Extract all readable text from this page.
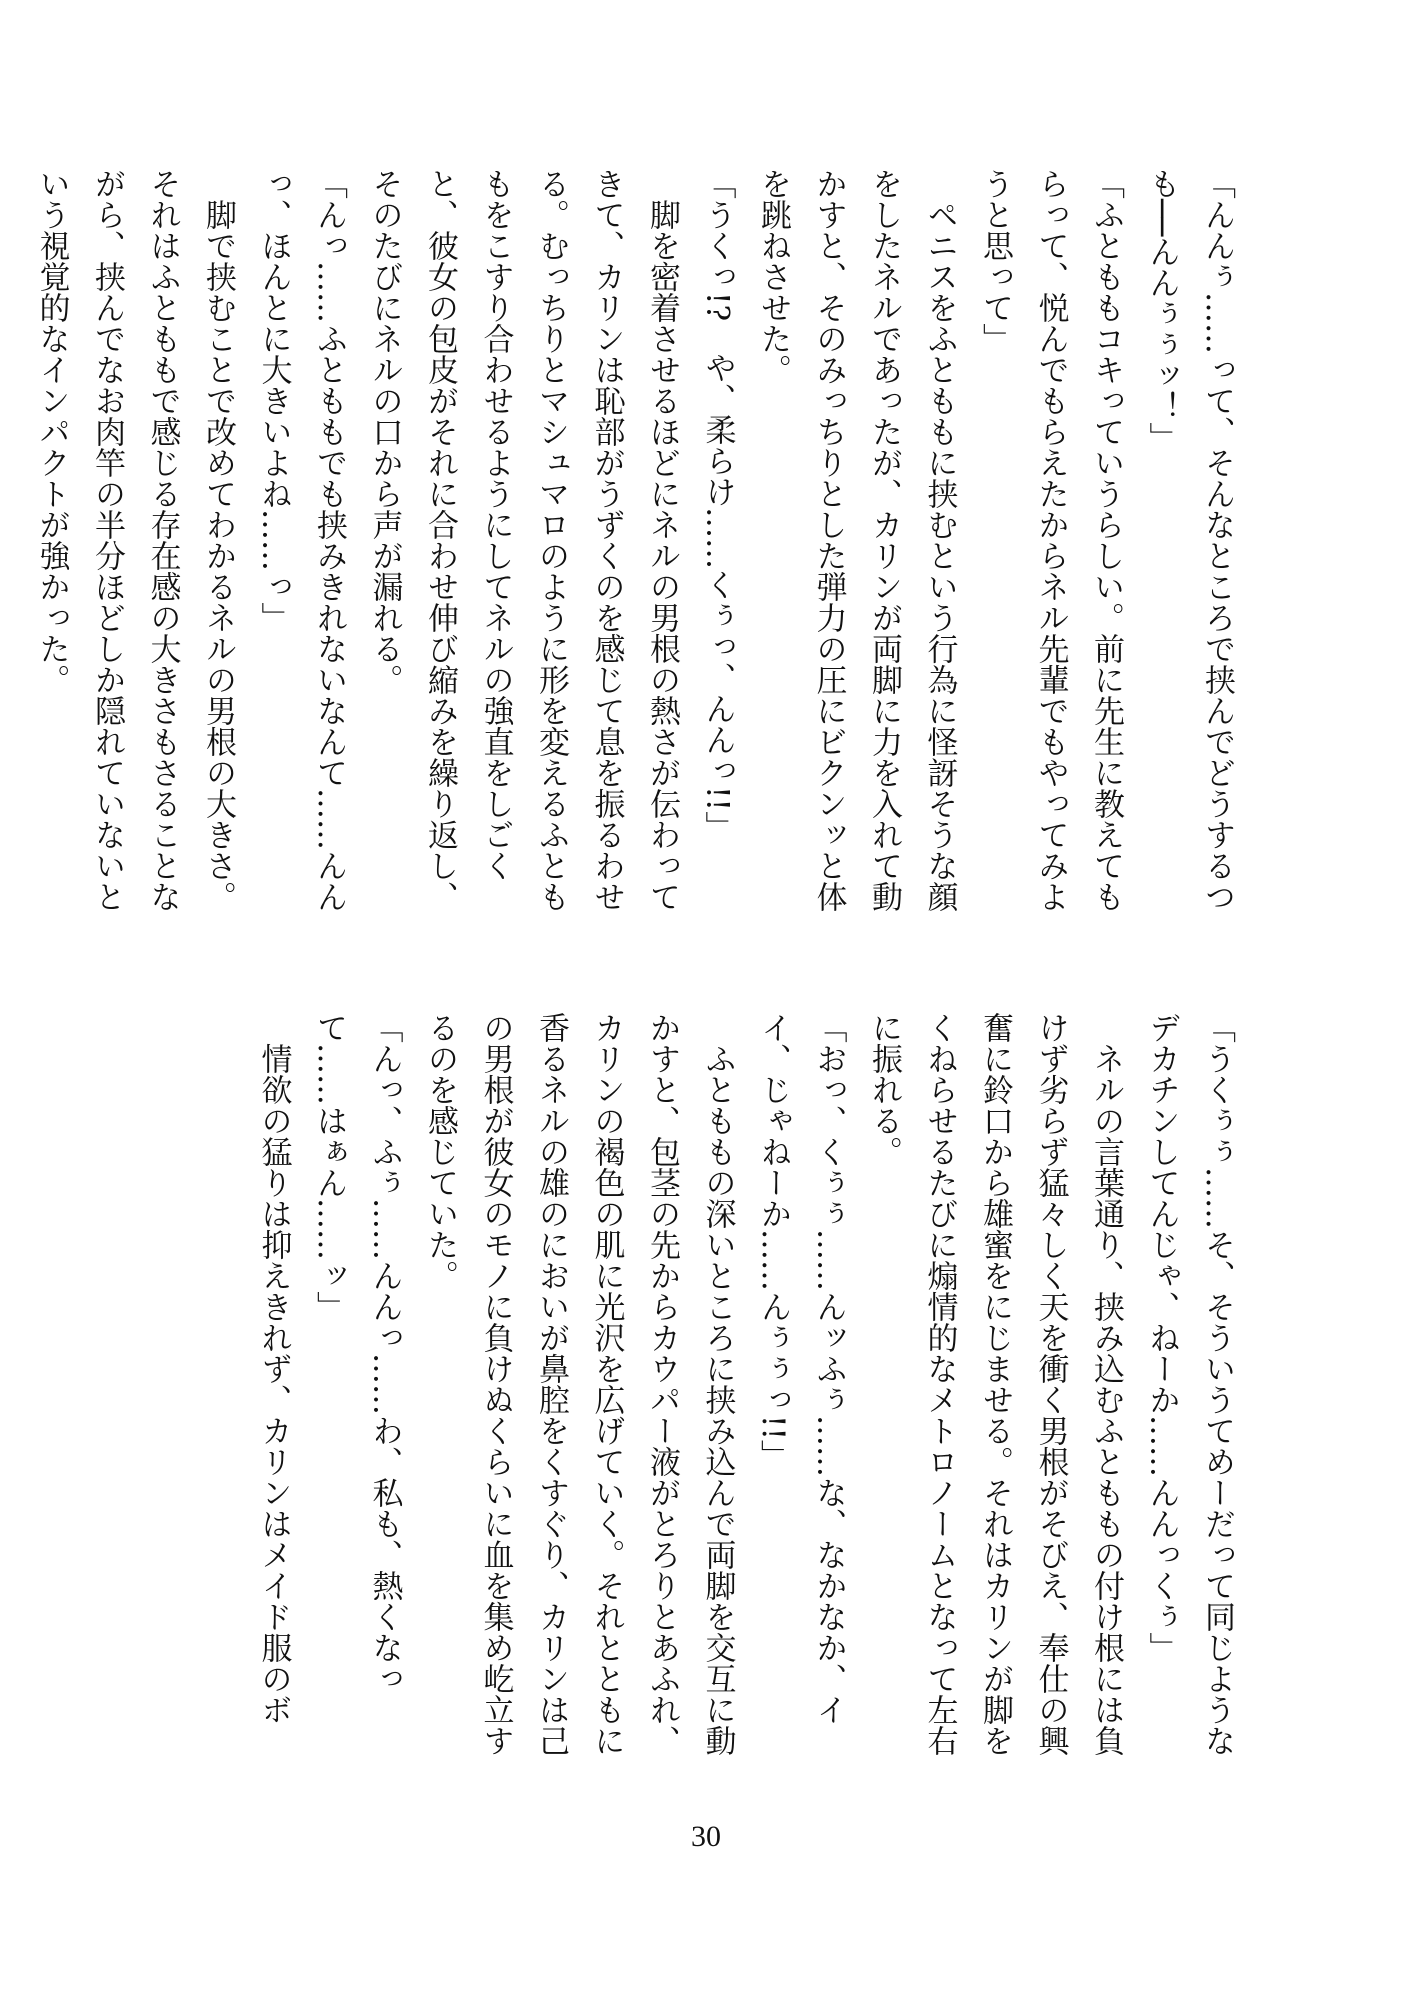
「んんぅ……って、そんなところで挟んでどうするつも──んんぅぅッ！」

「ふとももコキっていうらしい。前に先生に教えてもらって、悦んでもらえたからネル先輩でもやってみようと思って」

　ペニスをふとももに挟むという行為に怪訝そうな顔をしたネルであったが、カリンが両脚に力を入れて動かすと、そのみっちりとした弾力の圧にビクンッと体を跳ねさせた。

「うくっ!?　や、柔らけ……くぅっ、んんっ!!」

　脚を密着させるほどにネルの男根の熱さが伝わってきて、カリンは恥部がうずくのを感じて息を振るわせる。むっちりとマシュマロのように形を変えるふとももをこすり合わせるようにしてネルの強直をしごくと、彼女の包皮がそれに合わせ伸び縮みを繰り返し、そのたびにネルの口から声が漏れる。

「んっ……ふとももでも挟みきれないなんて……んんっ、ほんとに大きいよね……っ」

　脚で挟むことで改めてわかるネルの男根の大きさ。それはふとももで感じる存在感の大きさもさることながら、挟んでなお肉竿の半分ほどしか隠れていないという視覚的なインパクトが強かった。

「うくぅぅ……そ、そういうてめーだって同じようなデカチンしてんじゃ、ねーか……んんっくぅ」

　ネルの言葉通り、挟み込むふとももの付け根には負けず劣らず猛々しく天を衝く男根がそびえ、奉仕の興奮に鈴口から雄蜜をにじませる。それはカリンが脚をくねらせるたびに煽情的なメトロノームとなって左右に振れる。

「おっ、くぅぅ……んッふぅ……な、なかなか、イイ、じゃねーか……んぅぅっ!!」

　ふとももの深いところに挟み込んで両脚を交互に動かすと、包茎の先からカウパー液がとろりとあふれ、カリンの褐色の肌に光沢を広げていく。それとともに香るネルの雄のにおいが鼻腔をくすぐり、カリンは己の男根が彼女のモノに負けぬくらいに血を集め屹立するのを感じていた。

「んっ、ふぅ……んんっ……わ、私も、熱くなって……はぁん……ッ」

　情欲の猛りは抑えきれず、カリンはメイド服のボ

30
